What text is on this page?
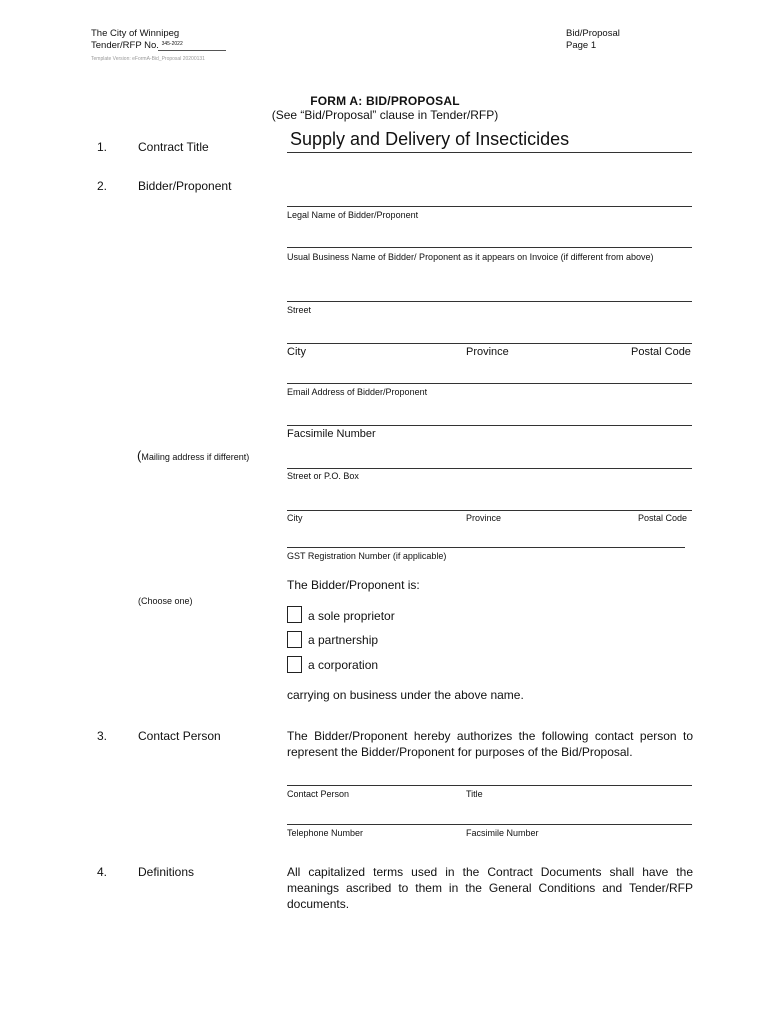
The City of Winnipeg
Tender/RFP No. $^{345-2022}$
Template Version: eFormA-Bid_Proposal 20200131
Bid/Proposal
Page 1
FORM A: BID/PROPOSAL
(See “Bid/Proposal” clause in Tender/RFP)
1.	Contract Title	Supply and Delivery of Insecticides
2.	Bidder/Proponent
Legal Name of Bidder/Proponent
Usual Business Name of Bidder/ Proponent as it appears on Invoice (if different from above)
Street
City	Province	Postal Code
Email Address of Bidder/Proponent
Facsimile Number
(Mailing address if different)
Street or P.O. Box
City	Province	Postal Code
GST Registration Number (if applicable)
The Bidder/Proponent is:
(Choose one)
a sole proprietor
a partnership
a corporation
carrying on business under the above name.
3.	Contact Person	The Bidder/Proponent hereby authorizes the following contact person to represent the Bidder/Proponent for purposes of the Bid/Proposal.
Contact Person	Title
Telephone Number	Facsimile Number
4.	Definitions	All capitalized terms used in the Contract Documents shall have the meanings ascribed to them in the General Conditions and Tender/RFP documents.
